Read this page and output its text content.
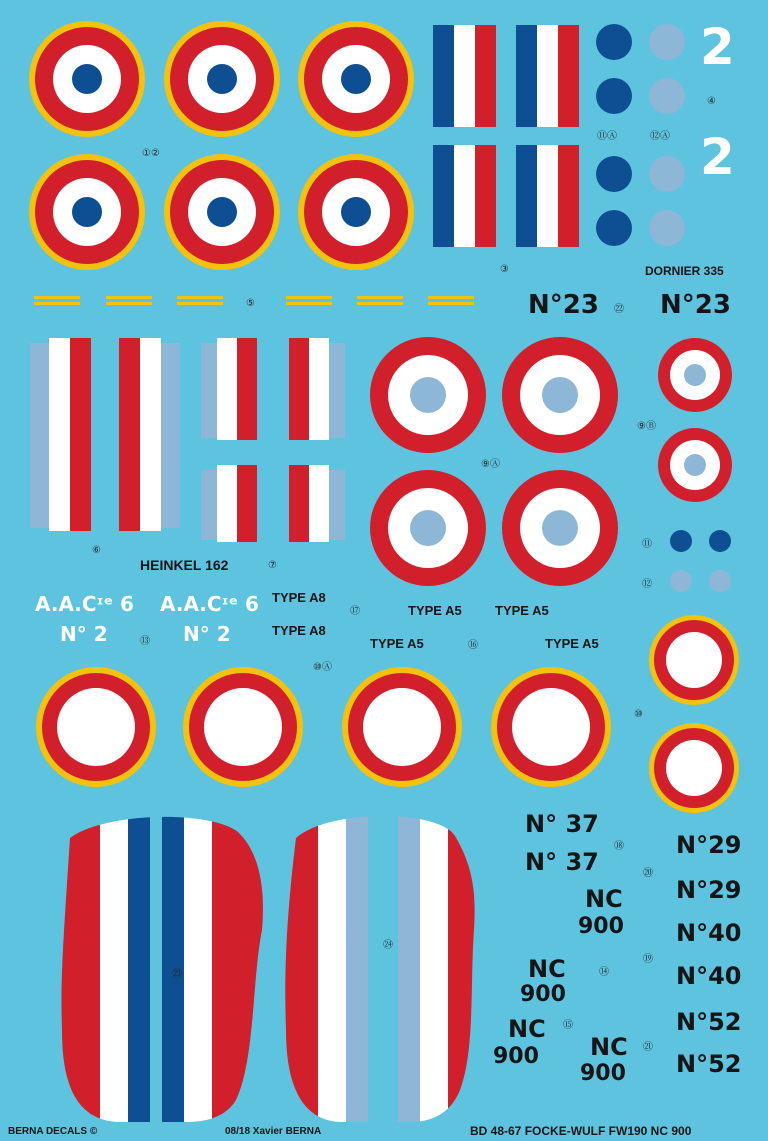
2
2
DORNIER 335
①②
③
④
⑪Ⓐ	⑫Ⓐ
⑤
㉒
⑨Ⓑ
⑨Ⓐ
⑥
⑦
⑪
⑫
⑰
⑬	⑯
⑩Ⓐ
⑩
⑱
⑳
㉔
⑲
⑭
㉓
⑮
㉑
N°23 N°23
HEINKEL 162
A.A.Cᶦᵉ 6 A.A.Cᶦᵉ 6
N° 2	N° 2
TYPE A8
TYPE A8
TYPE A5	TYPE A5
TYPE A5	TYPE A5
N° 37
N° 37
N°29
N°29
N°40
N°40
N°52
N°52
NC
900
NC
900
NC
900 NC
900
BERNA DECALS ©	08/18 Xavier BERNA	BD 48-67 FOCKE-WULF FW190 NC 900
